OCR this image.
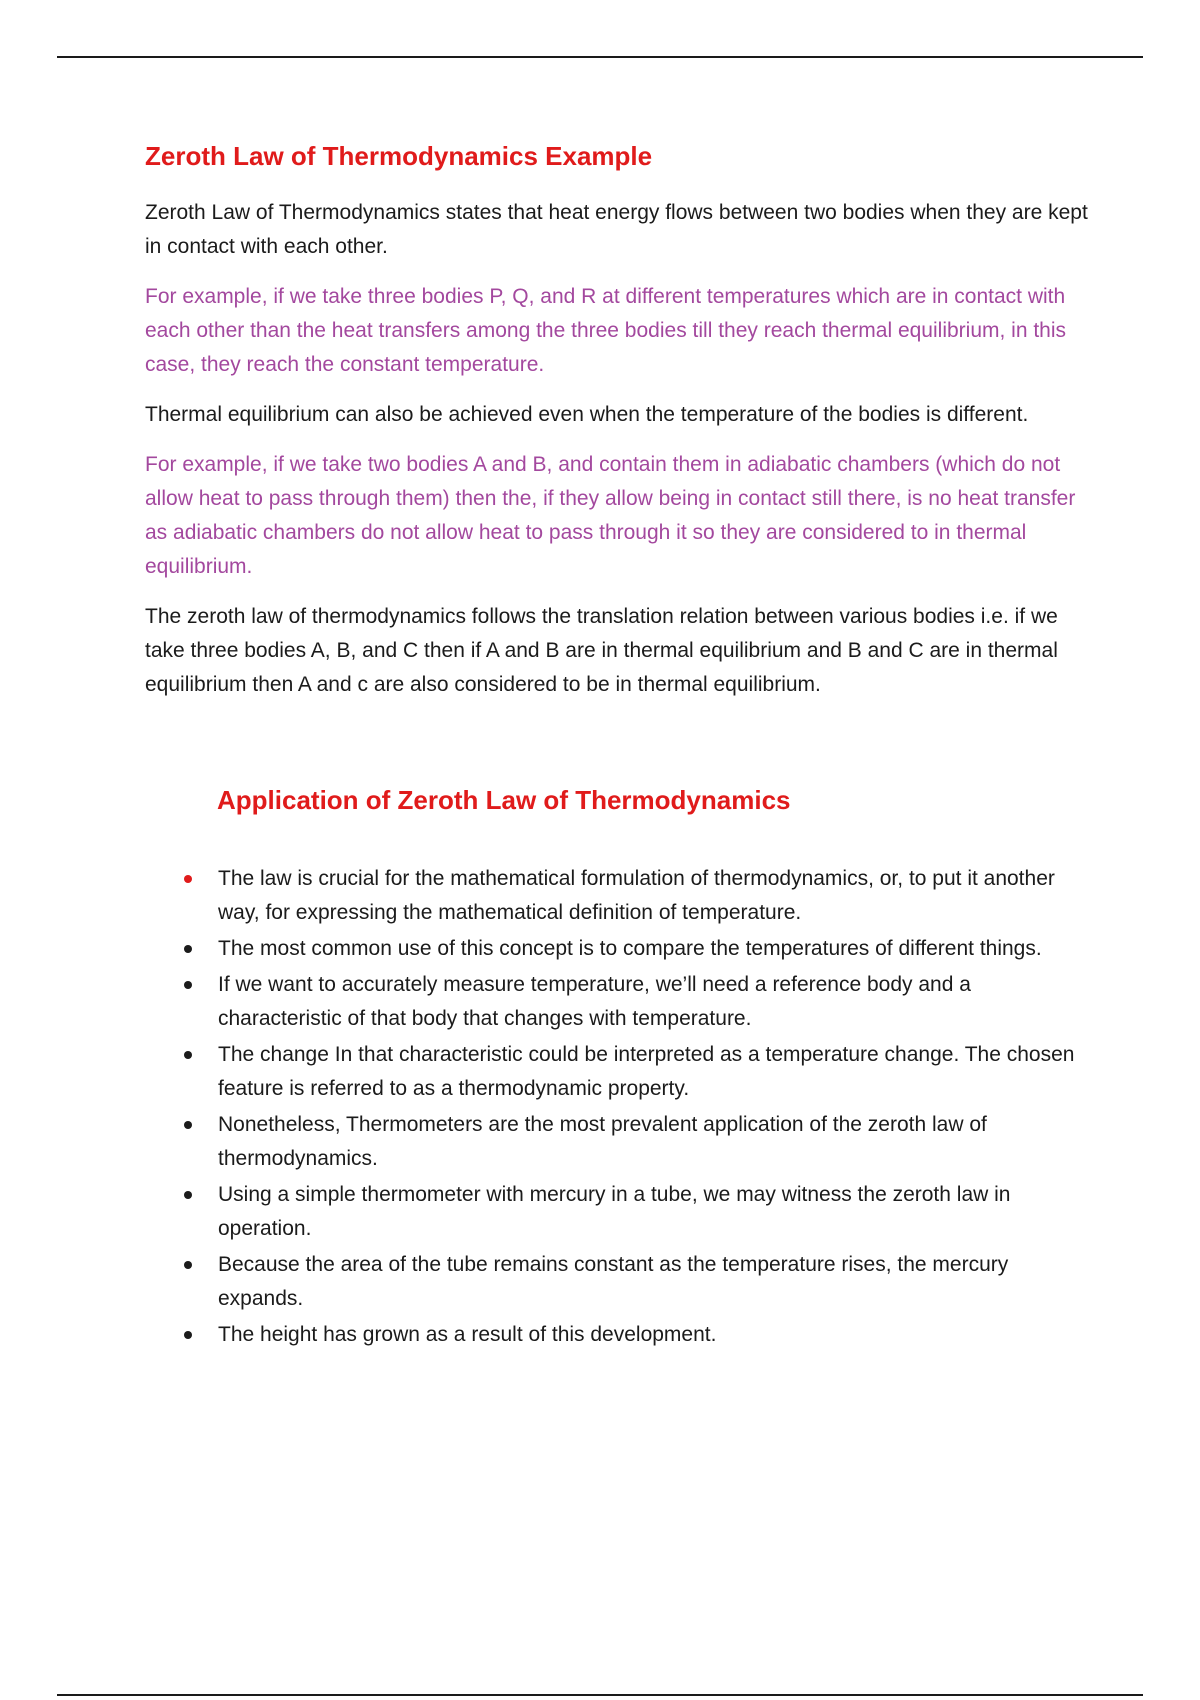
Zeroth Law of Thermodynamics Example

Zeroth Law of Thermodynamics states that heat energy flows between two bodies when they are kept in contact with each other.

For example, if we take three bodies P, Q, and R at different temperatures which are in contact with each other than the heat transfers among the three bodies till they reach thermal equilibrium, in this case, they reach the constant temperature.

Thermal equilibrium can also be achieved even when the temperature of the bodies is different.

For example, if we take two bodies A and B, and contain them in adiabatic chambers (which do not allow heat to pass through them) then the, if they allow being in contact still there, is no heat transfer as adiabatic chambers do not allow heat to pass through it so they are considered to in thermal equilibrium.

The zeroth law of thermodynamics follows the translation relation between various bodies i.e. if we take three bodies A, B, and C then if A and B are in thermal equilibrium and B and C are in thermal equilibrium then A and c are also considered to be in thermal equilibrium.

Application of Zeroth Law of Thermodynamics
The law is crucial for the mathematical formulation of thermodynamics, or, to put it another way, for expressing the mathematical definition of temperature.
The most common use of this concept is to compare the temperatures of different things.
If we want to accurately measure temperature, we’ll need a reference body and a characteristic of that body that changes with temperature.
The change In that characteristic could be interpreted as a temperature change. The chosen feature is referred to as a thermodynamic property.
Nonetheless, Thermometers are the most prevalent application of the zeroth law of thermodynamics.
Using a simple thermometer with mercury in a tube, we may witness the zeroth law in operation.
Because the area of the tube remains constant as the temperature rises, the mercury expands.
The height has grown as a result of this development.
